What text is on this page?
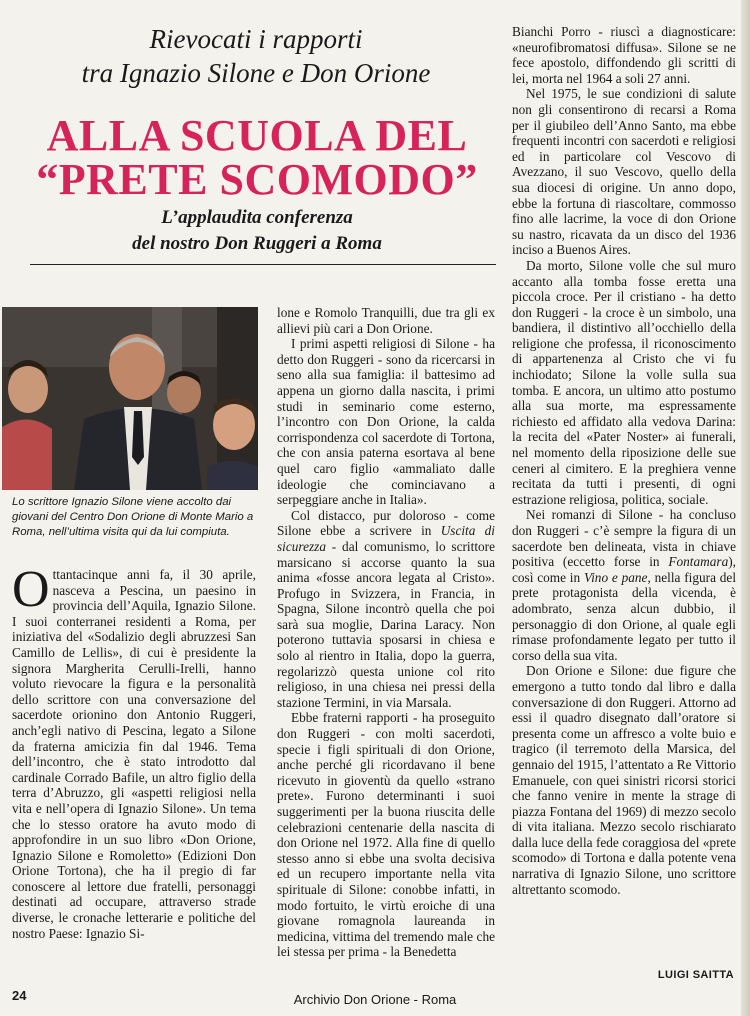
Rievocati i rapporti
tra Ignazio Silone e Don Orione
ALLA SCUOLA DEL
“PRETE SCOMODO”
L’applaudita conferenza
del nostro Don Ruggeri a Roma
Lo scrittore Ignazio Silone viene accolto dai giovani del Centro Don Orione di Monte Mario a Roma, nell’ultima visita qui da lui compiuta.

Ottantacinque anni fa, il 30 aprile, nasceva a Pescina, un paesino in provincia dell’Aquila, Ignazio Silone. I suoi conterranei residenti a Roma, per iniziativa del «Sodalizio degli abruzzesi San Camillo de Lellis», di cui è presidente la signora Margherita Cerulli-Irelli, hanno voluto rievocare la figura e la personalità dello scrittore con una conversazione del sacerdote orionino don Antonio Ruggeri, anch’egli nativo di Pescina, legato a Silone da fraterna amicizia fin dal 1946. Tema dell’incontro, che è stato introdotto dal cardinale Corrado Bafile, un altro figlio della terra d’Abruzzo, gli «aspetti religiosi nella vita e nell’opera di Ignazio Silone». Un tema che lo stesso oratore ha avuto modo di approfondire in un suo libro «Don Orione, Ignazio Silone e Romoletto» (Edizioni Don Orione Tortona), che ha il pregio di far conoscere al lettore due fratelli, personaggi destinati ad occupare, attraverso strade diverse, le cronache letterarie e politiche del nostro Paese: Ignazio Si-

lone e Romolo Tranquilli, due tra gli ex allievi più cari a Don Orione.

I primi aspetti religiosi di Silone - ha detto don Ruggeri - sono da ricercarsi in seno alla sua famiglia: il battesimo ad appena un giorno dalla nascita, i primi studi in seminario come esterno, l’incontro con Don Orione, la calda corrispondenza col sacerdote di Tortona, che con ansia paterna esortava al bene quel caro figlio «ammaliato dalle ideologie che cominciavano a serpeggiare anche in Italia».

Col distacco, pur doloroso - come Silone ebbe a scrivere in Uscita di sicurezza - dal comunismo, lo scrittore marsicano si accorse quanto la sua anima «fosse ancora legata al Cristo». Profugo in Svizzera, in Francia, in Spagna, Silone incontrò quella che poi sarà sua moglie, Darina Laracy. Non poterono tuttavia sposarsi in chiesa e solo al rientro in Italia, dopo la guerra, regolarizzò questa unione col rito religioso, in una chiesa nei pressi della stazione Termini, in via Marsala.

Ebbe fraterni rapporti - ha proseguito don Ruggeri - con molti sacerdoti, specie i figli spirituali di don Orione, anche perché gli ricordavano il bene ricevuto in gioventù da quello «strano prete». Furono determinanti i suoi suggerimenti per la buona riuscita delle celebrazioni centenarie della nascita di don Orione nel 1972. Alla fine di quello stesso anno si ebbe una svolta decisiva ed un recupero importante nella vita spirituale di Silone: conobbe infatti, in modo fortuito, le virtù eroiche di una giovane romagnola laureanda in medicina, vittima del tremendo male che lei stessa per prima - la Benedetta

Bianchi Porro - riuscì a diagnosticare: «neurofibromatosi diffusa». Silone se ne fece apostolo, diffondendo gli scritti di lei, morta nel 1964 a soli 27 anni.

Nel 1975, le sue condizioni di salute non gli consentirono di recarsi a Roma per il giubileo dell’Anno Santo, ma ebbe frequenti incontri con sacerdoti e religiosi ed in particolare col Vescovo di Avezzano, il suo Vescovo, quello della sua diocesi di origine. Un anno dopo, ebbe la fortuna di riascoltare, commosso fino alle lacrime, la voce di don Orione su nastro, ricavata da un disco del 1936 inciso a Buenos Aires.

Da morto, Silone volle che sul muro accanto alla tomba fosse eretta una piccola croce. Per il cristiano - ha detto don Ruggeri - la croce è un simbolo, una bandiera, il distintivo all’occhiello della religione che professa, il riconoscimento di appartenenza al Cristo che vi fu inchiodato; Silone la volle sulla sua tomba. E ancora, un ultimo atto postumo alla sua morte, ma espressamente richiesto ed affidato alla vedova Darina: la recita del «Pater Noster» ai funerali, nel momento della riposizione delle sue ceneri al cimitero. E la preghiera venne recitata da tutti i presenti, di ogni estrazione religiosa, politica, sociale.

Nei romanzi di Silone - ha concluso don Ruggeri - c’è sempre la figura di un sacerdote ben delineata, vista in chiave positiva (eccetto forse in Fontamara), così come in Vino e pane, nella figura del prete protagonista della vicenda, è adombrato, senza alcun dubbio, il personaggio di don Orione, al quale egli rimase profondamente legato per tutto il corso della sua vita.

Don Orione e Silone: due figure che emergono a tutto tondo dal libro e dalla conversazione di don Ruggeri. Attorno ad essi il quadro disegnato dall’oratore si presenta come un affresco a volte buio e tragico (il terremoto della Marsica, del gennaio del 1915, l’attentato a Re Vittorio Emanuele, con quei sinistri ricorsi storici che fanno venire in mente la strage di piazza Fontana del 1969) di mezzo secolo di vita italiana. Mezzo secolo rischiarato dalla luce della fede coraggiosa del «prete scomodo» di Tortona e dalla potente vena narrativa di Ignazio Silone, uno scrittore altrettanto scomodo.

LUIGI SAITTA
24	Archivio Don Orione - Roma
